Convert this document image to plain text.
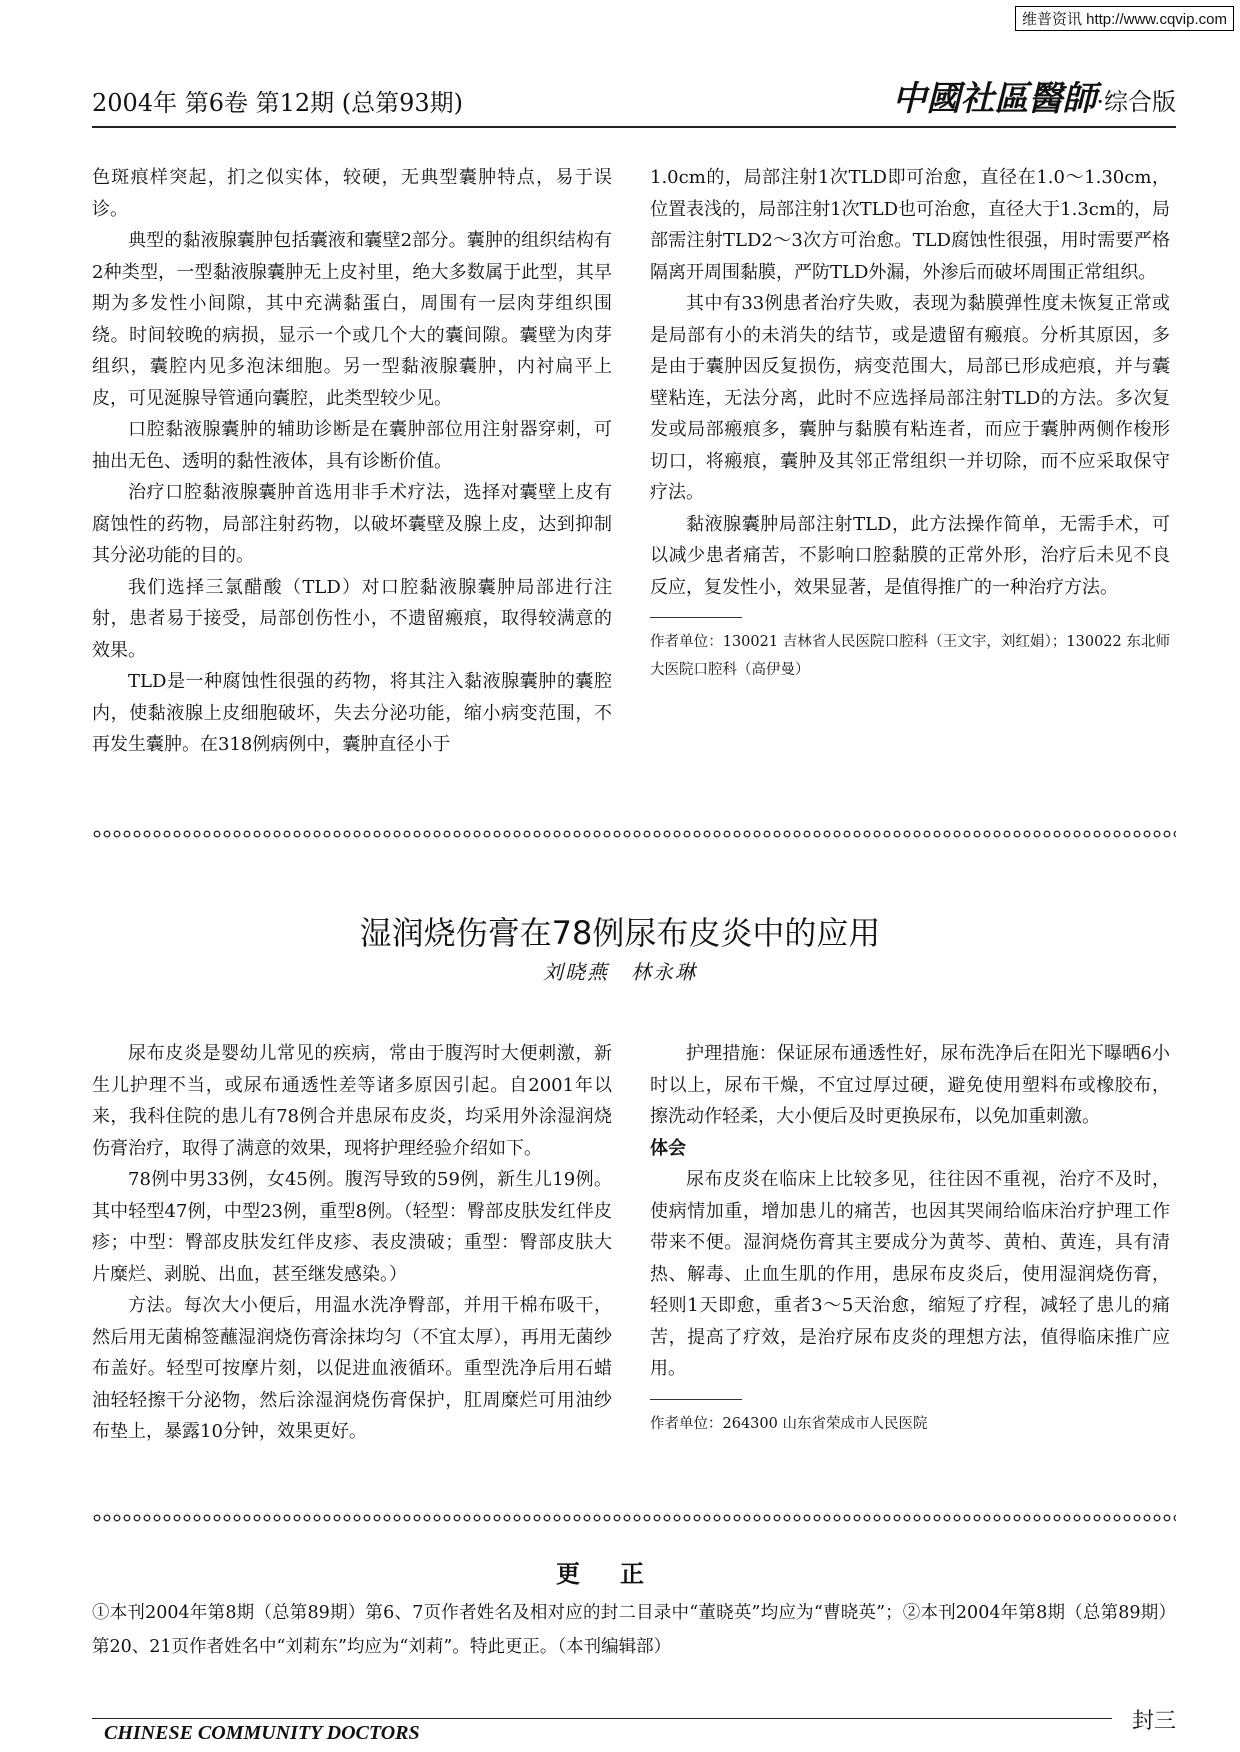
维普资讯 http://www.cqvip.com
2004年 第6卷 第12期 (总第93期)	中國社區醫師·综合版

色斑痕样突起，扪之似实体，较硬，无典型囊肿特点，易于误诊。

典型的黏液腺囊肿包括囊液和囊壁2部分。囊肿的组织结构有2种类型，一型黏液腺囊肿无上皮衬里，绝大多数属于此型，其早期为多发性小间隙，其中充满黏蛋白，周围有一层肉芽组织围绕。时间较晚的病损，显示一个或几个大的囊间隙。囊壁为肉芽组织，囊腔内见多泡沫细胞。另一型黏液腺囊肿，内衬扁平上皮，可见涎腺导管通向囊腔，此类型较少见。

口腔黏液腺囊肿的辅助诊断是在囊肿部位用注射器穿刺，可抽出无色、透明的黏性液体，具有诊断价值。

治疗口腔黏液腺囊肿首选用非手术疗法，选择对囊壁上皮有腐蚀性的药物，局部注射药物，以破坏囊壁及腺上皮，达到抑制其分泌功能的目的。

我们选择三氯醋酸（TLD）对口腔黏液腺囊肿局部进行注射，患者易于接受，局部创伤性小，不遗留瘢痕，取得较满意的效果。

TLD是一种腐蚀性很强的药物，将其注入黏液腺囊肿的囊腔内，使黏液腺上皮细胞破坏，失去分泌功能，缩小病变范围，不再发生囊肿。在318例病例中，囊肿直径小于

1.0cm的，局部注射1次TLD即可治愈，直径在1.0～1.30cm，位置表浅的，局部注射1次TLD也可治愈，直径大于1.3cm的，局部需注射TLD2～3次方可治愈。TLD腐蚀性很强，用时需要严格隔离开周围黏膜，严防TLD外漏，外渗后而破坏周围正常组织。

其中有33例患者治疗失败，表现为黏膜弹性度未恢复正常或是局部有小的未消失的结节，或是遗留有瘢痕。分析其原因，多是由于囊肿因反复损伤，病变范围大，局部已形成疤痕，并与囊壁粘连，无法分离，此时不应选择局部注射TLD的方法。多次复发或局部瘢痕多，囊肿与黏膜有粘连者，而应于囊肿两侧作梭形切口，将瘢痕，囊肿及其邻正常组织一并切除，而不应采取保守疗法。

黏液腺囊肿局部注射TLD，此方法操作简单，无需手术，可以减少患者痛苦，不影响口腔黏膜的正常外形，治疗后未见不良反应，复发性小，效果显著，是值得推广的一种治疗方法。

作者单位：130021 吉林省人民医院口腔科（王文宇，刘红娟）；130022 东北师大医院口腔科（高伊曼）

湿润烧伤膏在78例尿布皮炎中的应用
刘晓燕　林永琳

尿布皮炎是婴幼儿常见的疾病，常由于腹泻时大便刺激，新生儿护理不当，或尿布通透性差等诸多原因引起。自2001年以来，我科住院的患儿有78例合并患尿布皮炎，均采用外涂湿润烧伤膏治疗，取得了满意的效果，现将护理经验介绍如下。

78例中男33例，女45例。腹泻导致的59例，新生儿19例。其中轻型47例，中型23例，重型8例。（轻型：臀部皮肤发红伴皮疹；中型：臀部皮肤发红伴皮疹、表皮溃破；重型：臀部皮肤大片糜烂、剥脱、出血，甚至继发感染。）

方法。每次大小便后，用温水洗净臀部，并用干棉布吸干，然后用无菌棉签蘸湿润烧伤膏涂抹均匀（不宜太厚），再用无菌纱布盖好。轻型可按摩片刻，以促进血液循环。重型洗净后用石蜡油轻轻擦干分泌物，然后涂湿润烧伤膏保护，肛周糜烂可用油纱布垫上，暴露10分钟，效果更好。

护理措施：保证尿布通透性好，尿布洗净后在阳光下曝晒6小时以上，尿布干燥，不宜过厚过硬，避免使用塑料布或橡胶布，擦洗动作轻柔，大小便后及时更换尿布，以免加重刺激。

体会

尿布皮炎在临床上比较多见，往往因不重视，治疗不及时，使病情加重，增加患儿的痛苦，也因其哭闹给临床治疗护理工作带来不便。湿润烧伤膏其主要成分为黄芩、黄柏、黄连，具有清热、解毒、止血生肌的作用，患尿布皮炎后，使用湿润烧伤膏，轻则1天即愈，重者3～5天治愈，缩短了疗程，减轻了患儿的痛苦，提高了疗效，是治疗尿布皮炎的理想方法，值得临床推广应用。

作者单位：264300 山东省荣成市人民医院

更正
①本刊2004年第8期（总第89期）第6、7页作者姓名及相对应的封二目录中“董晓英”均应为“曹晓英”；②本刊2004年第8期（总第89期）第20、21页作者姓名中“刘莉东”均应为“刘莉”。特此更正。（本刊编辑部）
CHINESE COMMUNITY DOCTORS	封三
